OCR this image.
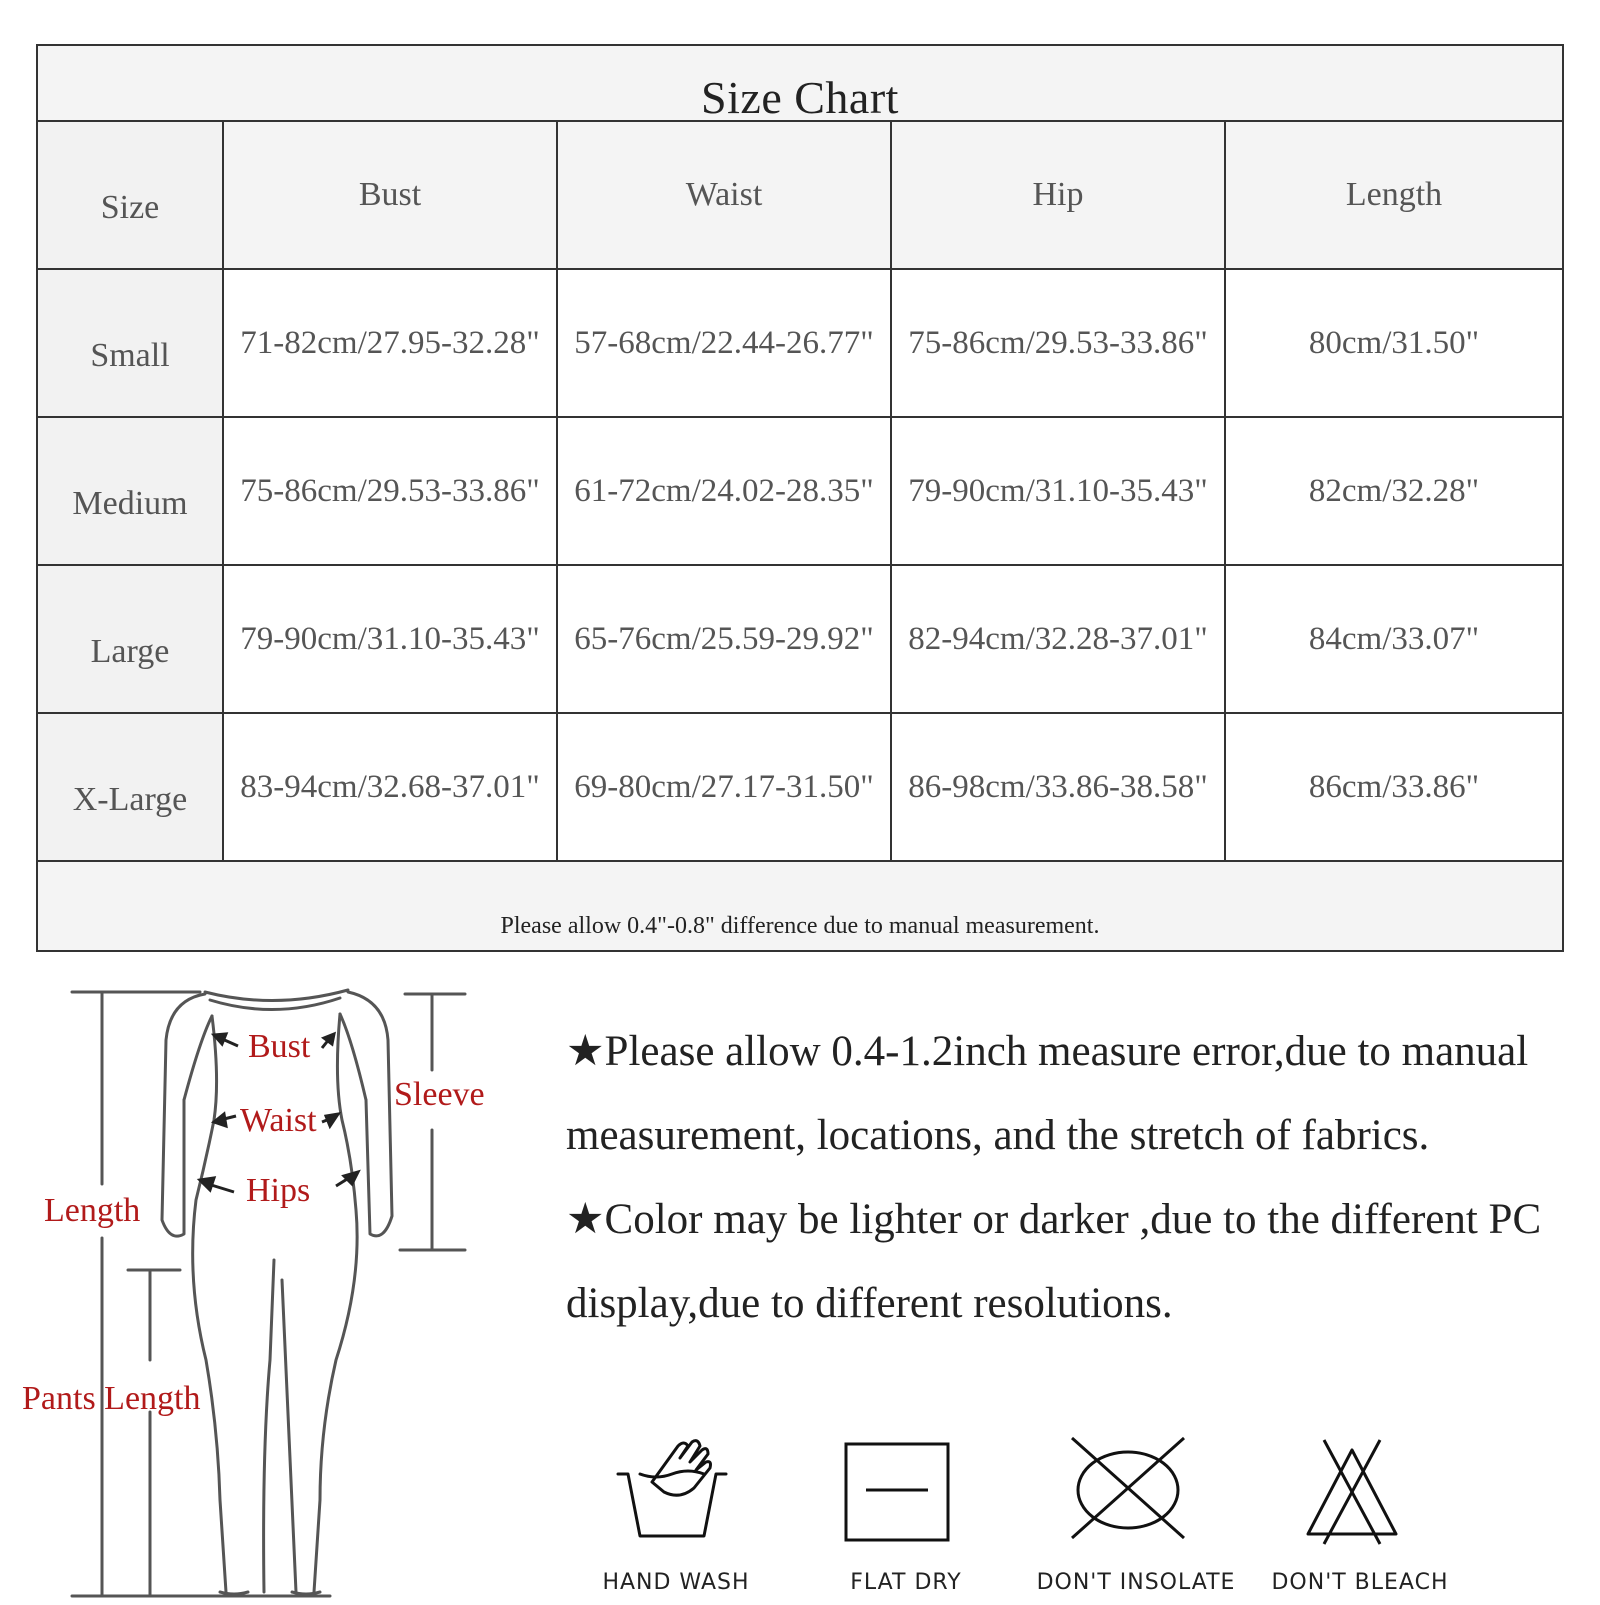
Size Chart
Size	Bust	Waist	Hip	Length
Small	71-82cm/27.95-32.28"	57-68cm/22.44-26.77"	75-86cm/29.53-33.86"	80cm/31.50"
Medium	75-86cm/29.53-33.86"	61-72cm/24.02-28.35"	79-90cm/31.10-35.43"	82cm/32.28"
Large	79-90cm/31.10-35.43"	65-76cm/25.59-29.92"	82-94cm/32.28-37.01"	84cm/33.07"
X-Large	83-94cm/32.68-37.01"	69-80cm/27.17-31.50"	86-98cm/33.86-38.58"	86cm/33.86"
Please allow 0.4"-0.8" difference due to manual measurement.
Bust
Waist
Hips
Sleeve
Length
Pants Length

★Please allow 0.4-1.2inch measure error,due to manual measurement, locations, and the stretch of fabrics.

★Color may be lighter or darker ,due to the different PC display,due to different resolutions.

HAND WASH	FLAT DRY	DON'T INSOLATE	DON'T BLEACH
